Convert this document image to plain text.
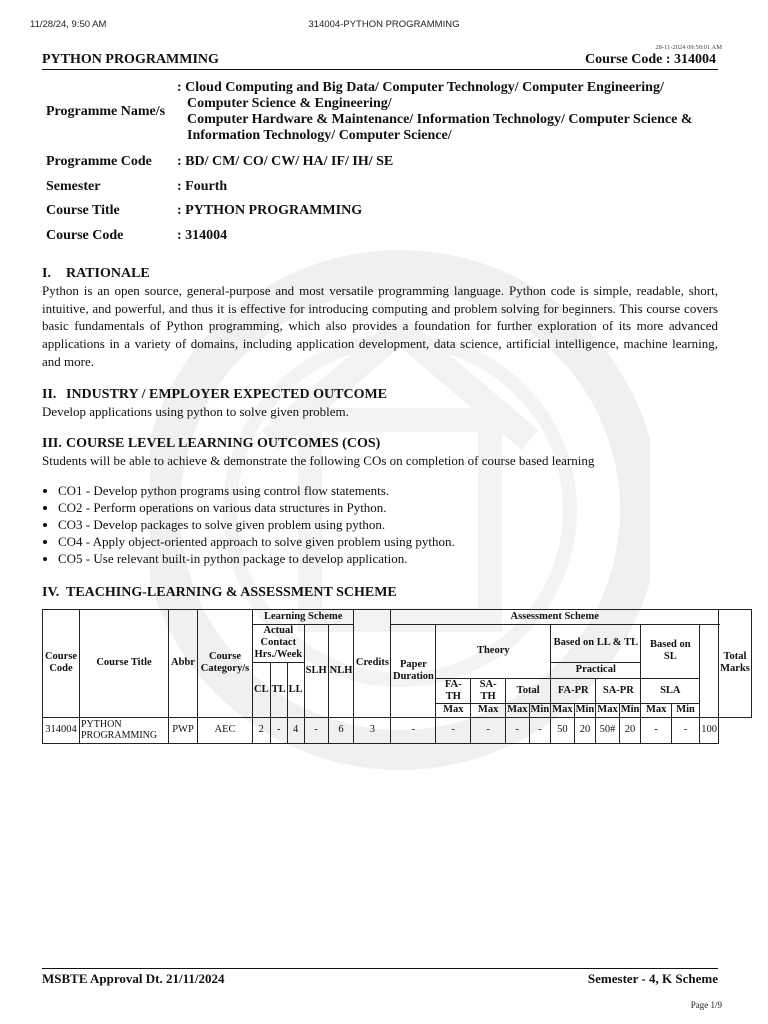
11/28/24, 9:50 AM	314004-PYTHON PROGRAMMING
28-11-2024 09:50:01 AM
PYTHON PROGRAMMING	Course Code : 314004
Programme Name/s	: Cloud Computing and Big Data/ Computer Technology/ Computer Engineering/
Computer Science & Engineering/
Computer Hardware & Maintenance/ Information Technology/ Computer Science &
Information Technology/ Computer Science/

Programme Code	: BD/ CM/ CO/ CW/ HA/ IF/ IH/ SE
Semester	: Fourth
Course Title	: PYTHON PROGRAMMING
Course Code	: 314004
I. RATIONALE

Python is an open source, general-purpose and most versatile programming language. Python code is simple, readable, short, intuitive, and powerful, and thus it is effective for introducing computing and problem solving for beginners. This course covers basic fundamentals of Python programming, which also provides a foundation for further exploration of its more advanced applications in a variety of domains, including application development, data science, artificial intelligence, machine learning, and more.

II. INDUSTRY / EMPLOYER EXPECTED OUTCOME

Develop applications using python to solve given problem.

III. COURSE LEVEL LEARNING OUTCOMES (COS)

Students will be able to achieve & demonstrate the following COs on completion of course based learning

• CO1 - Develop python programs using control flow statements.
• CO2 - Perform operations on various data structures in Python.
• CO3 - Develop packages to solve given problem using python.
• CO4 - Apply object-oriented approach to solve given problem using python.
• CO5 - Use relevant built-in python package to develop application.
IV. TEACHING-LEARNING & ASSESSMENT SCHEME
Course Code	Course Title	Abbr	Course Category/s	Learning Scheme					Credits	Assessment Scheme												Total Marks
				Actual Contact Hrs./Week			SLH	NLH		Paper Duration	Theory				Based on LL & TL				Based on SL			

				CL	TL	LL									Practical							
											FA-TH	SA-TH	Total		FA-PR		SA-PR		SLA			
											Max	Max	Max	Min	Max	Min	Max	Min	Max	Min		
314004	PYTHON PROGRAMMING	PWP	AEC	2	-	4	-	6	3	-	-	-	-	-	50	20	50#	20	-	-	100	
MSBTE Approval Dt. 21/11/2024	Semester - 4, K Scheme
Page 1/9
